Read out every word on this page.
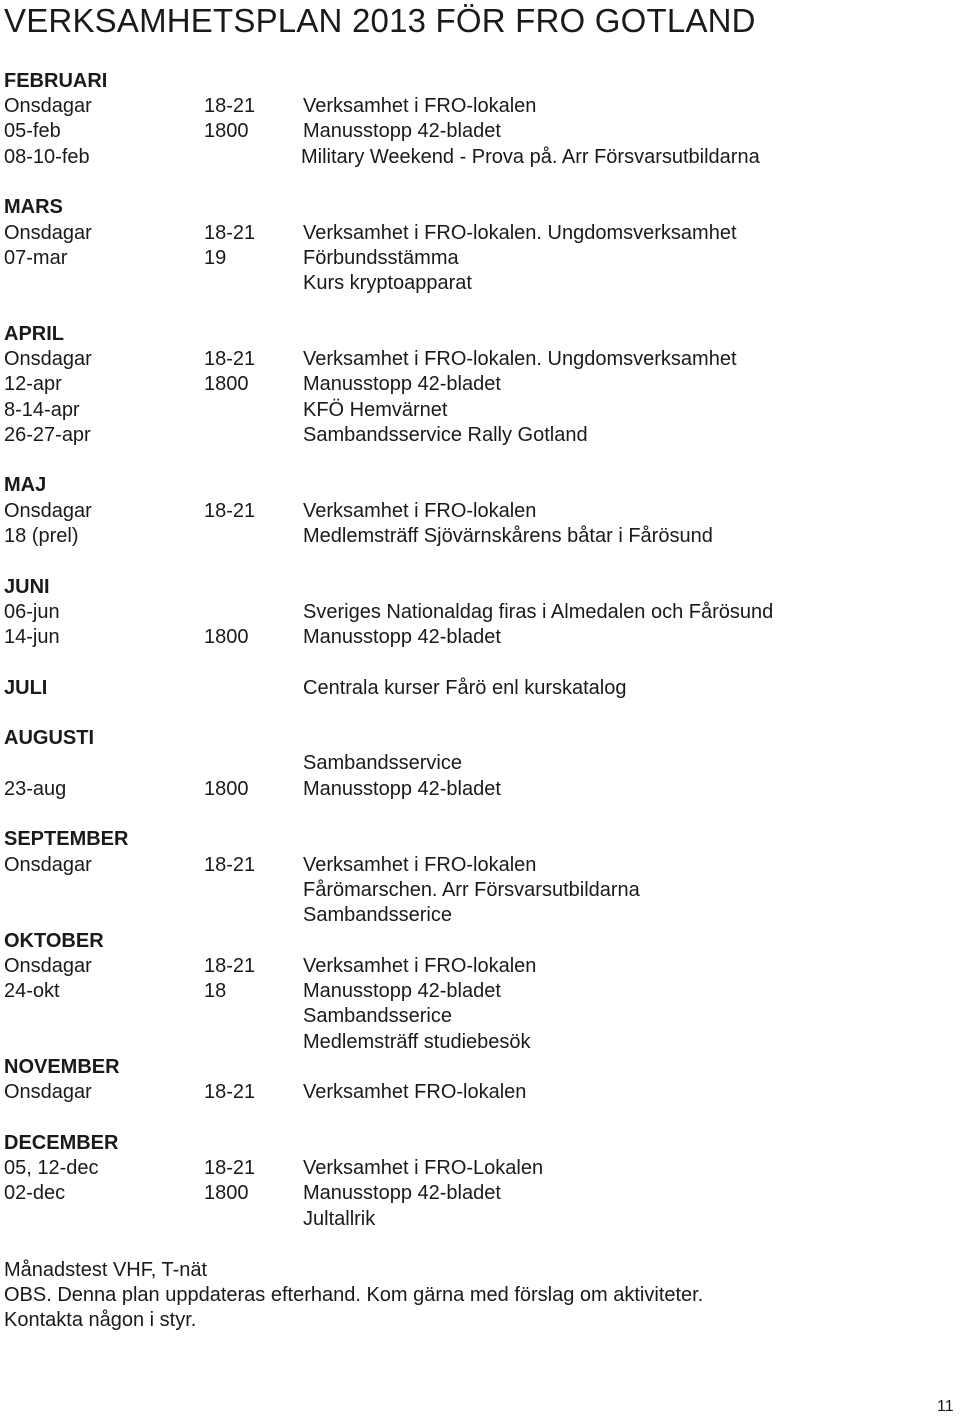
VERKSAMHETSPLAN 2013 FÖR FRO GOTLAND
FEBRUARI
Onsdagar	18-21 Verksamhet i FRO-lokalen
05-feb	1800	Manusstopp 42-bladet
08-10-feb	Military Weekend - Prova på. Arr Försvarsutbildarna
MARS
Onsdagar	18-21 Verksamhet i FRO-lokalen. Ungdomsverksamhet
07-mar	19	Förbundsstämma
Kurs kryptoapparat
APRIL
Onsdagar	18-21 Verksamhet i FRO-lokalen. Ungdomsverksamhet
12-apr	1800	Manusstopp 42-bladet
8-14-apr	KFÖ Hemvärnet
26-27-apr	Sambandsservice Rally Gotland
MAJ
Onsdagar	18-21 Verksamhet i FRO-lokalen
18 (prel)	Medlemsträff Sjövärnskårens båtar i Fårösund
JUNI
06-jun	Sveriges Nationaldag firas i Almedalen och Fårösund
14-jun	1800	Manusstopp 42-bladet
JULI	Centrala kurser Fårö enl kurskatalog
AUGUSTI
Sambandsservice
23-aug	1800	Manusstopp 42-bladet
SEPTEMBER
Onsdagar	18-21 Verksamhet i FRO-lokalen
Fårömarschen. Arr Försvarsutbildarna
Sambandsserice
OKTOBER
Onsdagar	18-21 Verksamhet i FRO-lokalen
24-okt	18	Manusstopp 42-bladet
Sambandsserice
Medlemsträff studiebesök
NOVEMBER
Onsdagar	18-21 Verksamhet FRO-lokalen
DECEMBER
05, 12-dec	18-21 Verksamhet i FRO-Lokalen
02-dec	1800	Manusstopp 42-bladet
Jultallrik
Månadstest VHF, T-nät
OBS. Denna plan uppdateras efterhand. Kom gärna med förslag om aktiviteter.
Kontakta någon i styr.
11
